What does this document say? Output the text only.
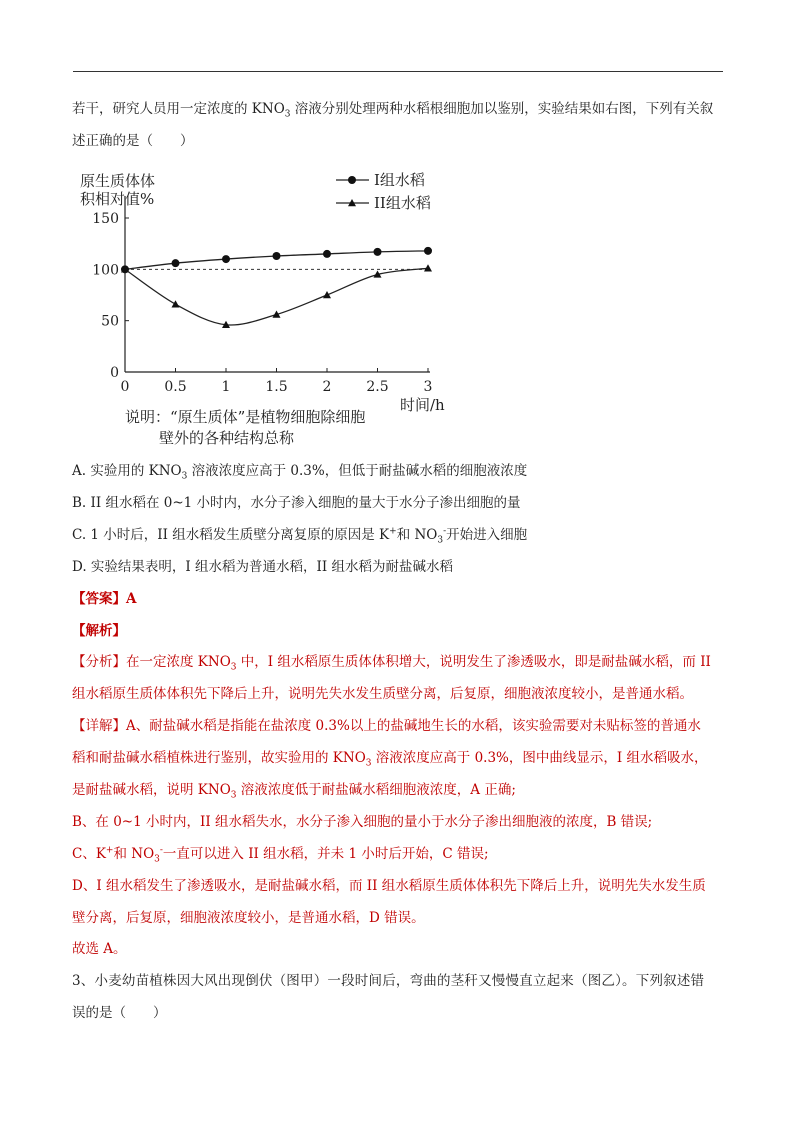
若干，研究人员用一定浓度的 $KNO_3$ 溶液分别处理两种水稻根细胞加以鉴别，实验结果如右图，下列有关叙
述正确的是（　　）
0
50
100
150
0 0.5 1 1.5 2 2.5 3
原生质体体
积相对值%
时间/h
I组水稻
II组水稻
说明：“原生质体”是植物细胞除细胞
壁外的各种结构总称
A. 实验用的 $KNO_3$ 溶液浓度应高于 0.3%，但低于耐盐碱水稻的细胞液浓度
B. II 组水稻在 0~1 小时内，水分子渗入细胞的量大于水分子渗出细胞的量
C. 1 小时后，II 组水稻发生质壁分离复原的原因是 K+和 $NO_3^-$开始进入细胞
D. 实验结果表明，I 组水稻为普通水稻，II 组水稻为耐盐碱水稻
【答案】A
【解析】
【分析】在一定浓度 $KNO_3$ 中，I 组水稻原生质体体积增大，说明发生了渗透吸水，即是耐盐碱水稻，而 II
组水稻原生质体体积先下降后上升，说明先失水发生质壁分离，后复原，细胞液浓度较小，是普通水稻。
【详解】A、耐盐碱水稻是指能在盐浓度 0.3%以上的盐碱地生长的水稻，该实验需要对未贴标签的普通水
稻和耐盐碱水稻植株进行鉴别，故实验用的 $KNO_3$ 溶液浓度应高于 0.3%，图中曲线显示，I 组水稻吸水，
是耐盐碱水稻，说明 $KNO_3$ 溶液浓度低于耐盐碱水稻细胞液浓度，A 正确;
B、在 0~1 小时内，II 组水稻失水，水分子渗入细胞的量小于水分子渗出细胞液的浓度，B 错误;
C、K+和 $NO_3^-$一直可以进入 II 组水稻，并未 1 小时后开始，C 错误;
D、I 组水稻发生了渗透吸水，是耐盐碱水稻，而 II 组水稻原生质体体积先下降后上升，说明先失水发生质
壁分离，后复原，细胞液浓度较小，是普通水稻，D 错误。
故选 A。
3、小麦幼苗植株因大风出现倒伏（图甲）一段时间后，弯曲的茎秆又慢慢直立起来（图乙）。下列叙述错
误的是（　　）
